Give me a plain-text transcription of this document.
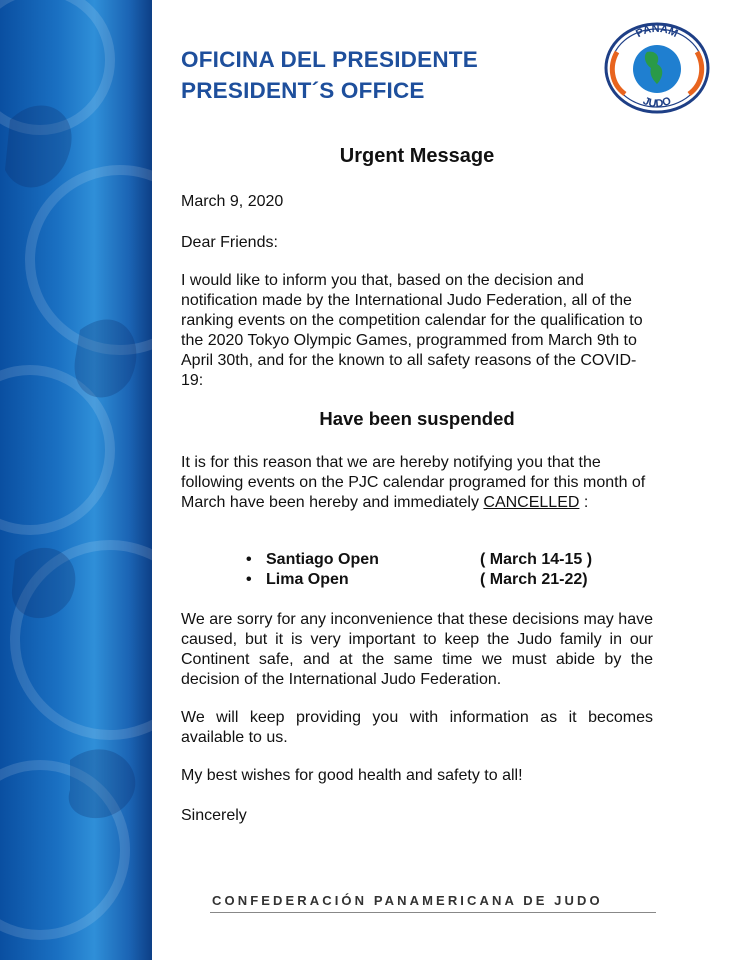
OFICINA DEL PRESIDENTE
PRESIDENT´S OFFICE
PANAM
JUDO
Urgent Message
March 9, 2020
Dear Friends:
I would like to inform you that, based on the decision and notification made by the International Judo Federation, all of the ranking events on the competition calendar for the qualification to the 2020 Tokyo Olympic Games, programmed from March 9th to April 30th, and for the known to all safety reasons of the COVID-19:
Have been suspended
It is for this reason that we are hereby notifying you that the following events on the PJC calendar programed for this month of March have been hereby and immediately CANCELLED :
• Santiago Open	( March 14-15 )
• Lima Open	( March 21-22)
We are sorry for any inconvenience that these decisions may have caused, but it is very important to keep the Judo family in our Continent safe, and at the same time we must abide by the decision of the International Judo Federation.
We will keep providing you with information as it becomes available to us.
My best wishes for good health and safety to all!
Sincerely
CONFEDERACIÓN PANAMERICANA DE JUDO
